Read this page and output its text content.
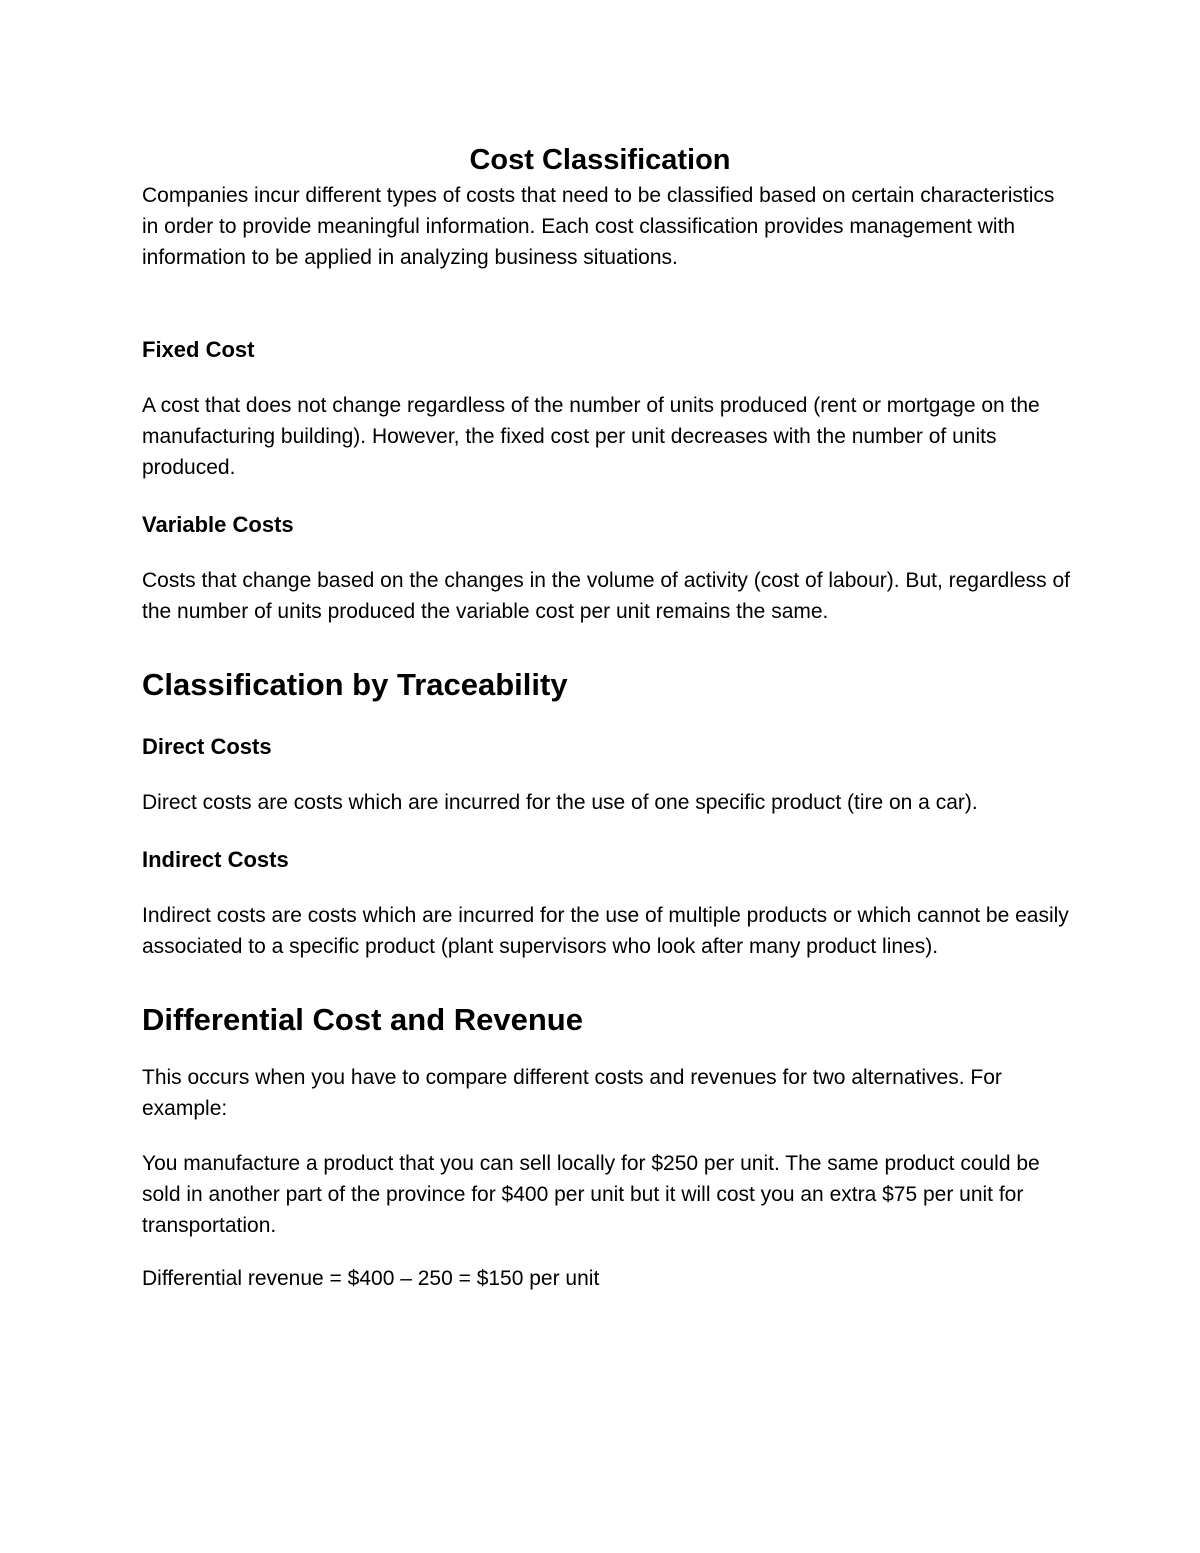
Cost Classification

Companies incur different types of costs that need to be classified based on certain characteristics in order to provide meaningful information. Each cost classification provides management with information to be applied in analyzing business situations.

Fixed Cost

A cost that does not change regardless of the number of units produced (rent or mortgage on the manufacturing building). However, the fixed cost per unit decreases with the number of units produced.

Variable Costs

Costs that change based on the changes in the volume of activity (cost of labour). But, regardless of the number of units produced the variable cost per unit remains the same.

Classification by Traceability
Direct Costs

Direct costs are costs which are incurred for the use of one specific product (tire on a car).

Indirect Costs

Indirect costs are costs which are incurred for the use of multiple products or which cannot be easily associated to a specific product (plant supervisors who look after many product lines).

Differential Cost and Revenue

This occurs when you have to compare different costs and revenues for two alternatives. For example:

You manufacture a product that you can sell locally for $250 per unit. The same product could be sold in another part of the province for $400 per unit but it will cost you an extra $75 per unit for transportation.

Differential revenue = $400 – 250 = $150 per unit
